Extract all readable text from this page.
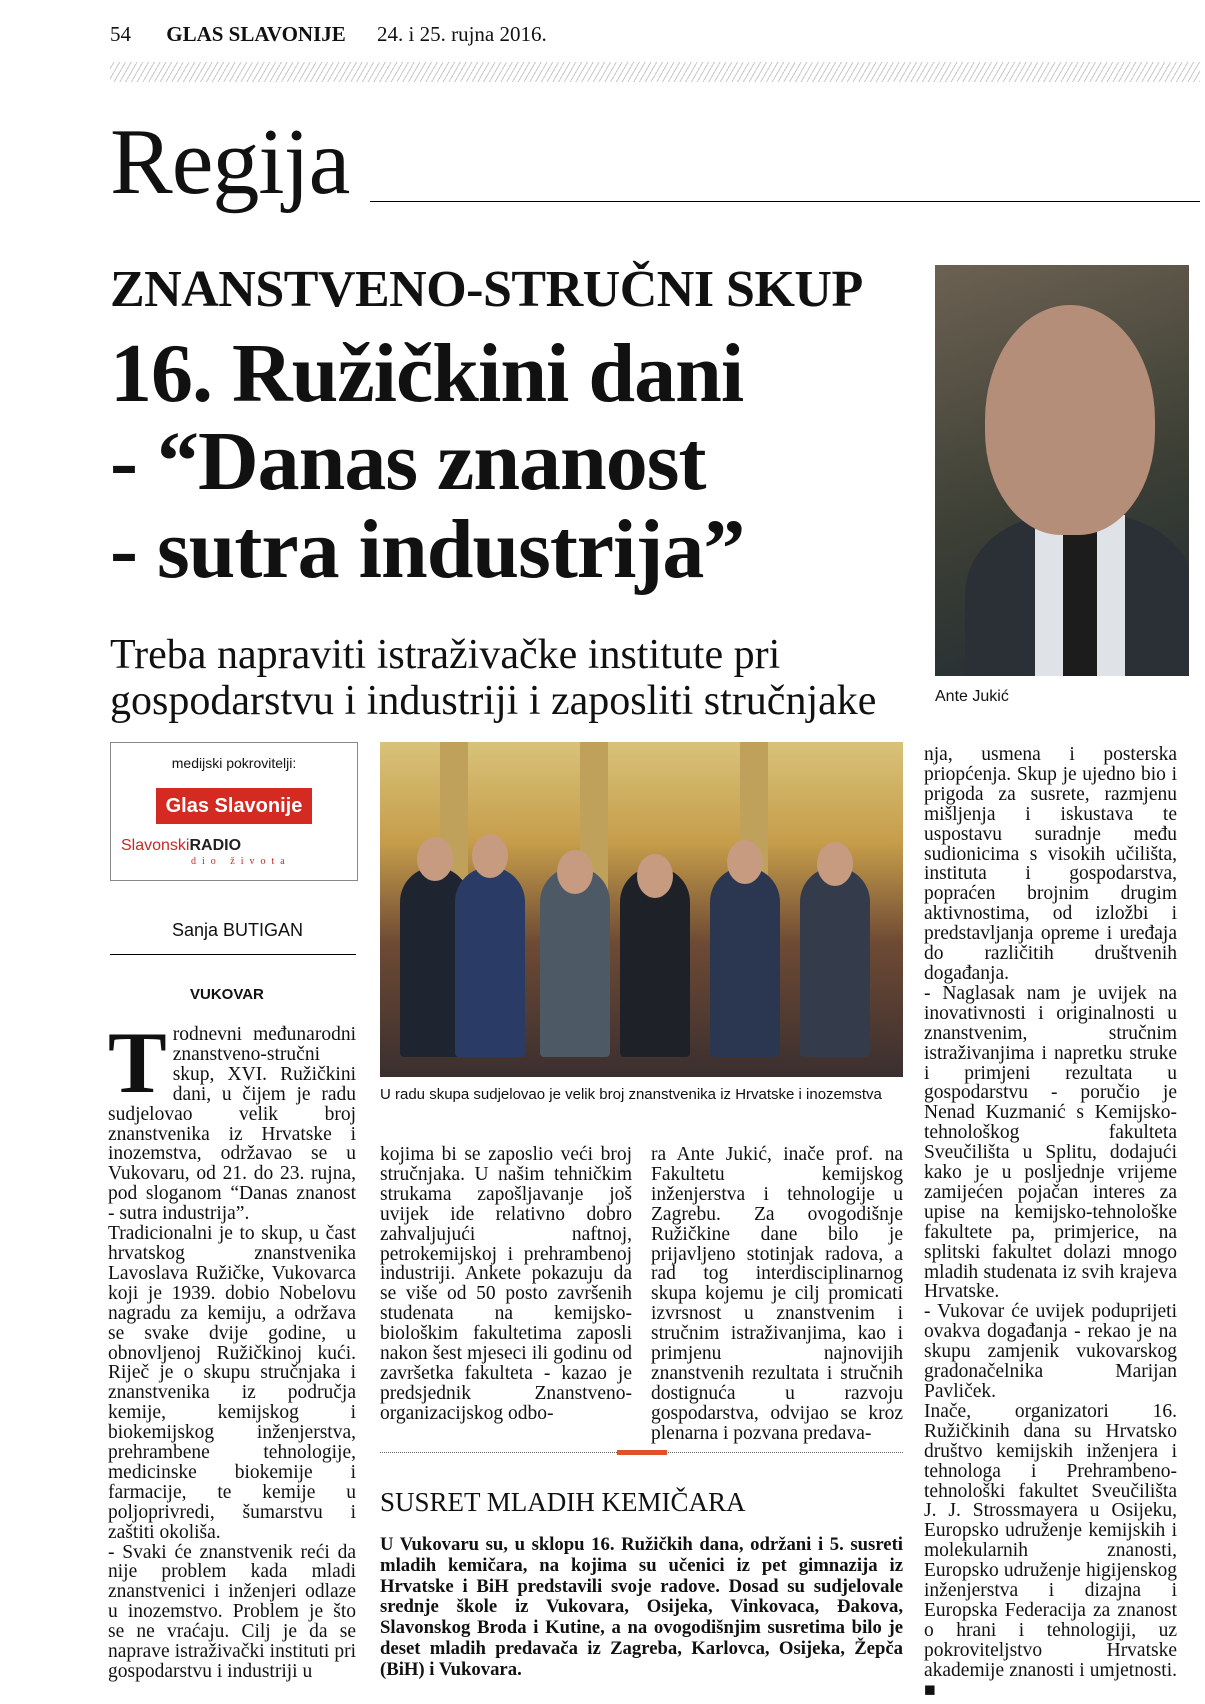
54 GLAS SLAVONIJE 24. i 25. rujna 2016.
Regija
ZNANSTVENO-STRUČNI SKUP
16. Ružičkini dani
- “Danas znanost
- sutra industrija”
Treba napraviti istraživačke institute pri gospodarstvu i industriji i zaposliti stručnjake	Ante Jukić
medijski pokrovitelji:
Glas Slavonije
SlavonskiRADIO
dio života
Sanja BUTIGAN
VUKOVAR
T rodnevni međunarodni znanstveno-stručni skup, XVI. Ružičkini dani, u čijem je radu sudjelovao velik broj znanstvenika iz Hrvatske i inozemstva, održavao se u Vukovaru, od 21. do 23. rujna, pod sloganom “Danas znanost - sutra industrija”.

Tradicionalni je to skup, u čast hrvatskog znanstvenika Lavoslava Ružičke, Vukovarca koji je 1939. dobio Nobelovu nagradu za kemiju, a održava se svake dvije godine, u obnovljenoj Ružičkinoj kući. Riječ je o skupu stručnjaka i znanstvenika iz područja kemije, kemijskog i biokemijskog inženjerstva, prehrambene tehnologije, medicinske biokemije i farmacije, te kemije u poljoprivredi, šumarstvu i zaštiti okoliša.

- Svaki će znanstvenik reći da nije problem kada mladi znanstvenici i inženjeri odlaze u inozemstvo. Problem je što se ne vraćaju. Cilj je da se naprave istraživački instituti pri gospodarstvu i industriji u

U radu skupa sudjelovao je velik broj znanstvenika iz Hrvatske i inozemstva

kojima bi se zaposlio veći broj stručnjaka. U našim tehničkim strukama zapošljavanje još uvijek ide relativno dobro zahvaljujući naftnoj, petrokemijskoj i prehrambenoj industriji. Ankete pokazuju da se više od 50 posto završenih studenata na kemijsko-biološkim fakultetima zaposli nakon šest mjeseci ili godinu od završetka fakulteta - kazao je predsjednik Znanstveno-organizacijskog odbo-

ra Ante Jukić, inače prof. na Fakultetu kemijskog inženjerstva i tehnologije u Zagrebu. Za ovogodišnje Ružičkine dane bilo je prijavljeno stotinjak radova, a rad tog interdisciplinarnog skupa kojemu je cilj promicati izvrsnost u znanstvenim i stručnim istraživanjima, kao i primjenu najnovijih znanstvenih rezultata i stručnih dostignuća u razvoju gospodarstva, odvijao se kroz plenarna i pozvana predava-

nja, usmena i posterska priopćenja. Skup je ujedno bio i prigoda za susrete, razmjenu mišljenja i iskustava te uspostavu suradnje među sudionicima s visokih učilišta, instituta i gospodarstva, popraćen brojnim drugim aktivnostima, od izložbi i predstavljanja opreme i uređaja do različitih društvenih događanja.

- Naglasak nam je uvijek na inovativnosti i originalnosti u znanstvenim, stručnim istraživanjima i napretku struke i primjeni rezultata u gospodarstvu - poručio je Nenad Kuzmanić s Kemijsko-tehnološkog fakulteta Sveučilišta u Splitu, dodajući kako je u posljednje vrijeme zamijećen pojačan interes za upise na kemijsko-tehnološke fakultete pa, primjerice, na splitski fakultet dolazi mnogo mladih studenata iz svih krajeva Hrvatske.

- Vukovar će uvijek poduprijeti ovakva događanja - rekao je na skupu zamjenik vukovarskog gradonačelnika Marijan Pavliček.

Inače, organizatori 16. Ružičkinih dana su Hrvatsko društvo kemijskih inženjera i tehnologa i Prehrambeno-tehnološki fakultet Sveučilišta J. J. Strossmayera u Osijeku, Europsko udruženje kemijskih i molekularnih znanosti, Europsko udruženje higijenskog inženjerstva i dizajna i Europska Federacija za znanost o hrani i tehnologiji, uz pokroviteljstvo Hrvatske akademije znanosti i umjetnosti. ■

SUSRET MLADIH KEMIČARA
U Vukovaru su, u sklopu 16. Ružičkih dana, održani i 5. susreti mladih kemičara, na kojima su učenici iz pet gimnazija iz Hrvatske i BiH predstavili svoje radove. Dosad su sudjelovale srednje škole iz Vukovara, Osijeka, Vinkovaca, Đakova, Slavonskog Broda i Kutine, a na ovogodišnjim susretima bilo je deset mladih predavača iz Zagreba, Karlovca, Osijeka, Žepča (BiH) i Vukovara.
